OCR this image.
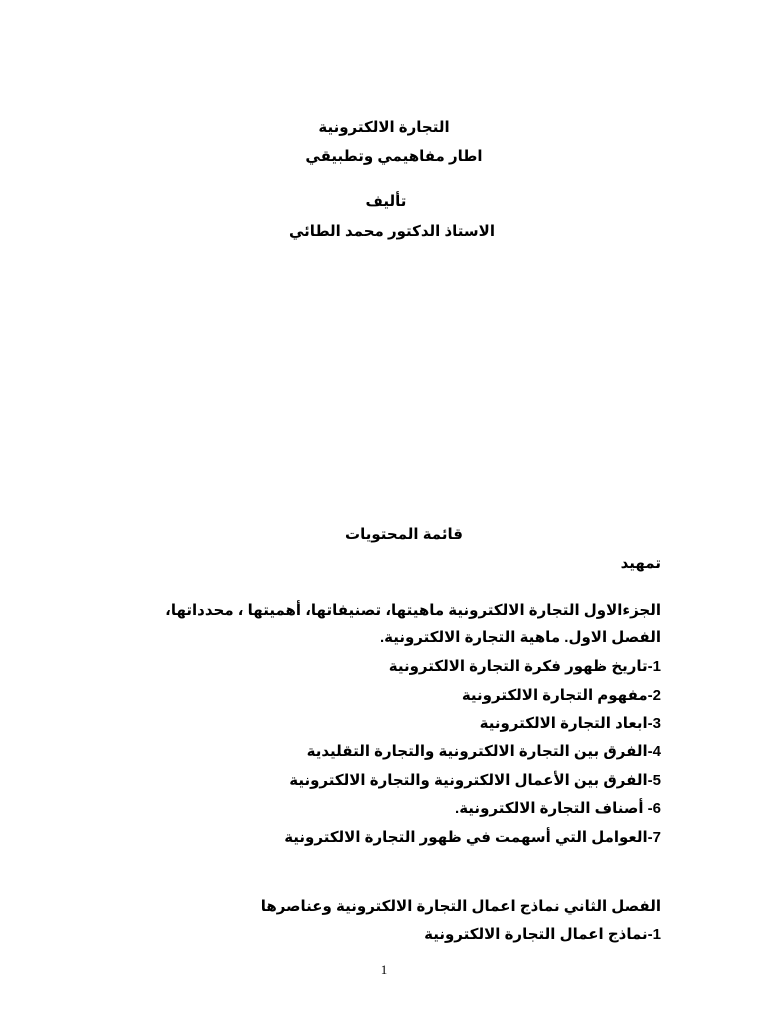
التجارة الالكترونية
اطار مفاهيمي وتطبيقي
تأليف
الاستاذ الدكتور محمد الطائي
قائمة المحتويات
تمهيد
الجزءالاول التجارة الالكترونية ماهيتها، تصنيفاتها، أهميتها ، محدداتها،
الفصل الاول. ماهية التجارة الالكترونية.
1-تاريخ ظهور فكرة التجارة الالكترونية
2-مفهوم التجارة الالكترونية
3-ابعاد التجارة الالكترونية
4-الفرق بين التجارة الالكترونية والتجارة التقليدية
5-الفرق بين الأعمال الالكترونية والتجارة الالكترونية
6- أصناف التجارة الالكترونية.
7-العوامل التي أسهمت في ظهور التجارة الالكترونية
الفصل الثاني نماذج اعمال التجارة الالكترونية وعناصرها
1-نماذج اعمال التجارة الالكترونية
1
